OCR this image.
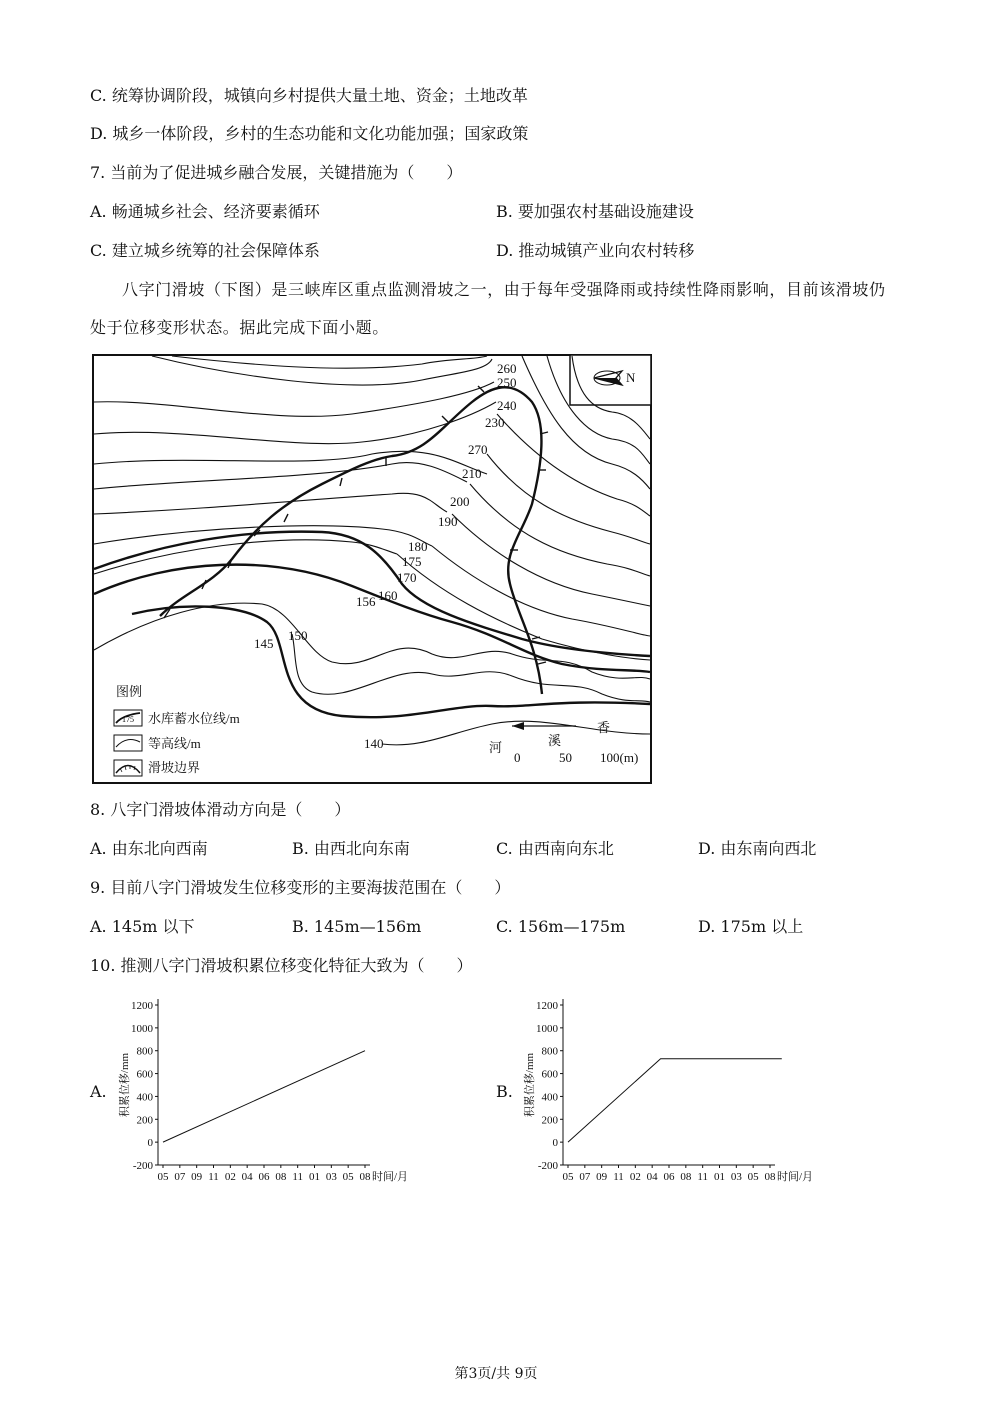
C. 统筹协调阶段，城镇向乡村提供大量土地、资金；土地改革
D. 城乡一体阶段，乡村的生态功能和文化功能加强；国家政策
7. 当前为了促进城乡融合发展，关键措施为（　　）
A. 畅通城乡社会、经济要素循环	B. 要加强农村基础设施建设
C. 建立城乡统筹的社会保障体系	D. 推动城镇产业向农村转移
八字门滑坡（下图）是三峡库区重点监测滑坡之一，由于每年受强降雨或持续性降雨影响，目前该滑坡仍处于位移变形状态。据此完成下面小题。
N
260
250
240
230
270
210
200
190
180
175
170
160
156
150
145
140
香
溪
河
0	50 100(m)
图例
175 水库蓄水位线/m
等高线/m
滑坡边界
8. 八字门滑坡体滑动方向是（　　）
A. 由东北向西南	B. 由西北向东南	C. 由西南向东北	D. 由东南向西北
9. 目前八字门滑坡发生位移变形的主要海拔范围在（　　）
A. 145m 以下	B. 145m—156m	C. 156m—175m	D. 175m 以上
10. 推测八字门滑坡积累位移变化特征大致为（　　）
A.
1200
1000
800
600
400
200
0
-200
05 07 09 11 02 04 06 08 11 01 03 05 08 时间/月
积累位移/mm	B.
1200
1000
800
600
400
200
0
-200
05 07 09 11 02 04 06 08 11 01 03 05 08 时间/月
积累位移/mm
第3页/共 9页
